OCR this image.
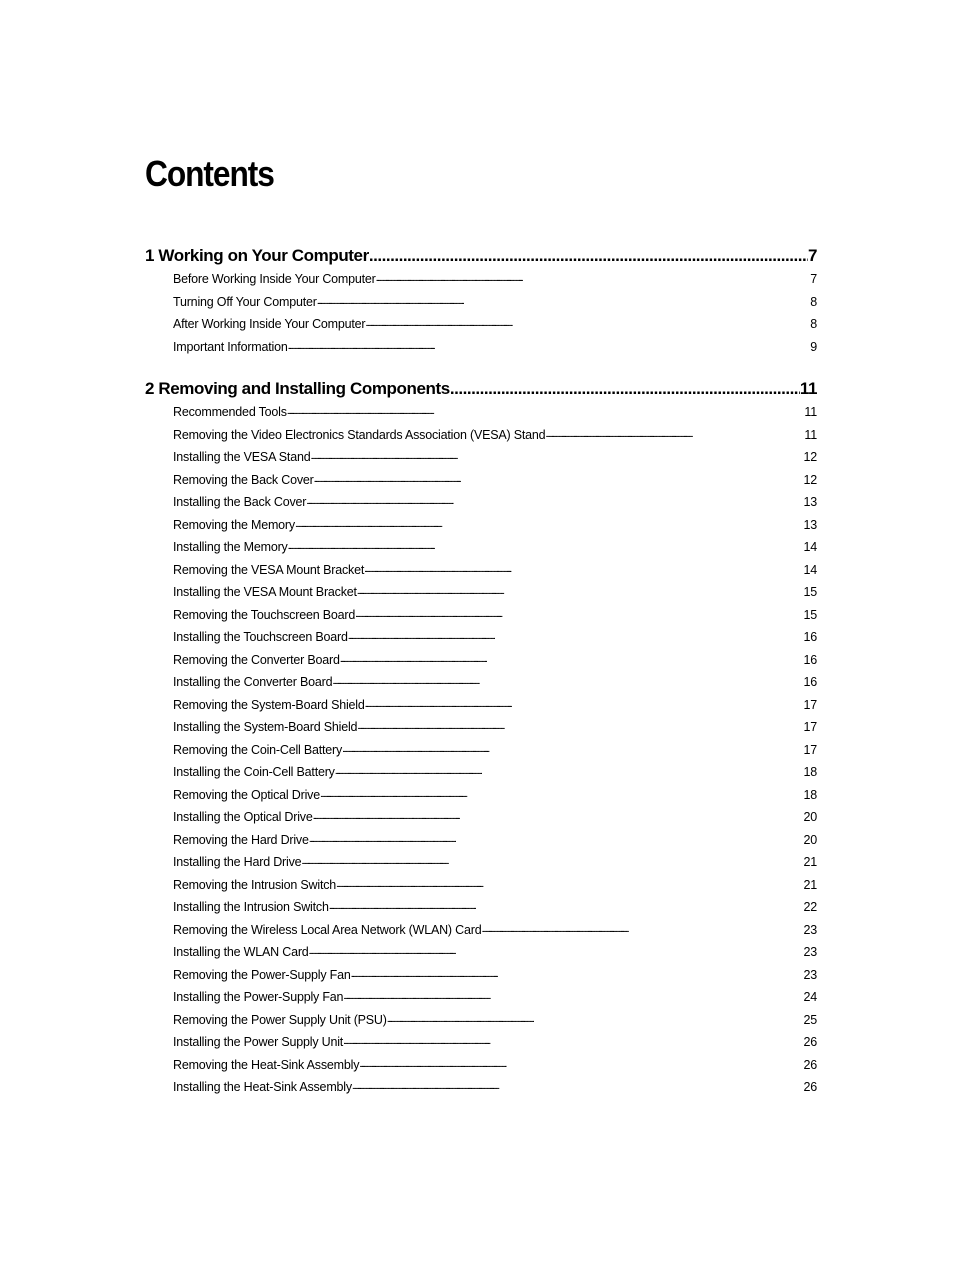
Contents
1 Working on Your Computer . . .	7
Before Working Inside Your Computer . . .	7
Turning Off Your Computer . . .	8
After Working Inside Your Computer . . .	8
Important Information . . .	9
2 Removing and Installing Components . . .	11
Recommended Tools . . .	11
Removing the Video Electronics Standards Association (VESA) Stand . . .	11
Installing the VESA Stand . . .	12
Removing the Back Cover . . .	12
Installing the Back Cover . . .	13
Removing the Memory . . .	13
Installing the Memory . . .	14
Removing the VESA Mount Bracket . . .	14
Installing the VESA Mount Bracket . . .	15
Removing the Touchscreen Board . . .	15
Installing the Touchscreen Board . . .	16
Removing the Converter Board . . .	16
Installing the Converter Board . . .	16
Removing the System-Board Shield . . .	17
Installing the System-Board Shield . . .	17
Removing the Coin-Cell Battery . . .	17
Installing the Coin-Cell Battery . . .	18
Removing the Optical Drive . . .	18
Installing the Optical Drive . . .	20
Removing the Hard Drive . . .	20
Installing the Hard Drive . . .	21
Removing the Intrusion Switch . . .	21
Installing the Intrusion Switch . . .	22
Removing the Wireless Local Area Network (WLAN) Card . . .	23
Installing the WLAN Card . . .	23
Removing the Power-Supply Fan . . .	23
Installing the Power-Supply Fan . . .	24
Removing the Power Supply Unit (PSU) . . .	25
Installing the Power Supply Unit . . .	26
Removing the Heat-Sink Assembly . . .	26
Installing the Heat-Sink Assembly . . .	26
